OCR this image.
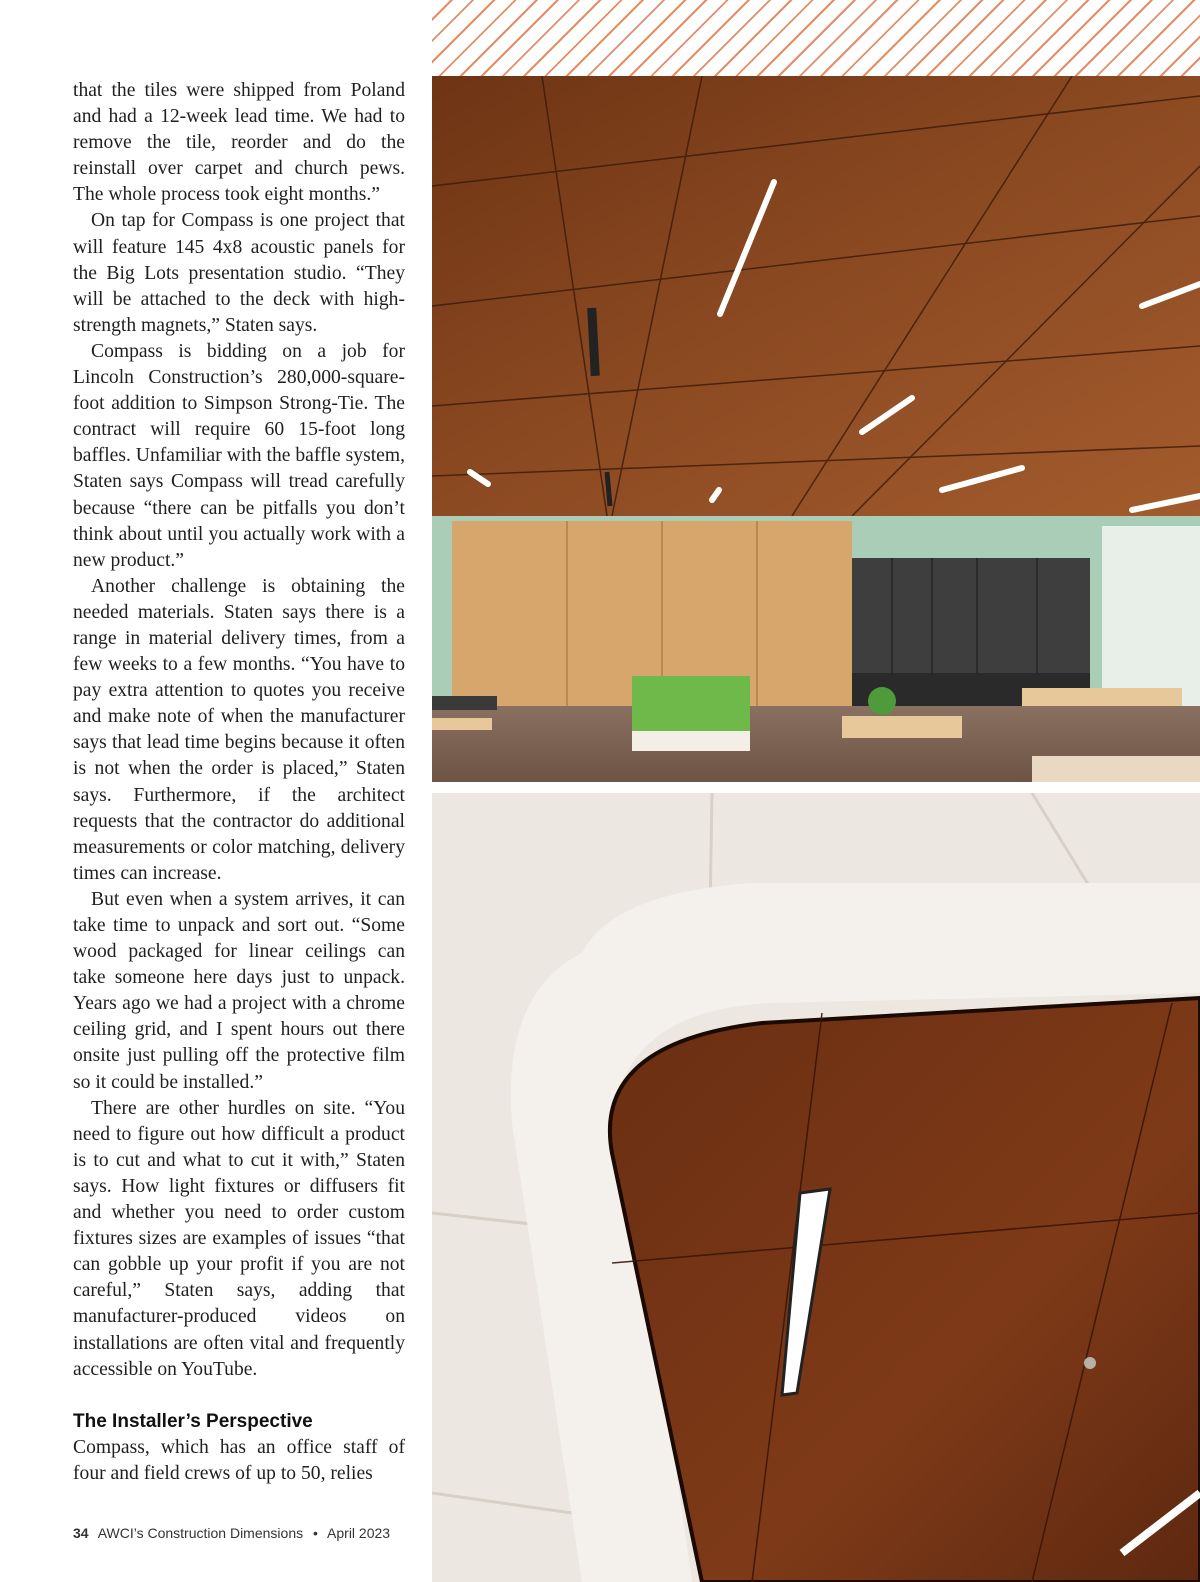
that the tiles were shipped from Poland and had a 12-week lead time. We had to remove the tile, reorder and do the reinstall over carpet and church pews. The whole process took eight months.”

On tap for Compass is one project that will feature 145 4x8 acoustic panels for the Big Lots presentation studio. “They will be attached to the deck with high-strength magnets,” Staten says.

Compass is bidding on a job for Lincoln Construction’s 280,000-square-foot addition to Simpson Strong-Tie. The contract will require 60 15-foot long baffles. Unfamiliar with the baffle system, Staten says Compass will tread carefully because “there can be pitfalls you don’t think about until you actually work with a new product.”

Another challenge is obtaining the needed materials. Staten says there is a range in material delivery times, from a few weeks to a few months. “You have to pay extra attention to quotes you receive and make note of when the manufacturer says that lead time begins because it often is not when the order is placed,” Staten says. Furthermore, if the architect requests that the contractor do additional measurements or color matching, delivery times can increase.

But even when a system arrives, it can take time to unpack and sort out. “Some wood packaged for linear ceilings can take someone here days just to unpack. Years ago we had a project with a chrome ceiling grid, and I spent hours out there onsite just pulling off the protective film so it could be installed.”

There are other hurdles on site. “You need to figure out how difficult a product is to cut and what to cut it with,” Staten says. How light fixtures or diffusers fit and whether you need to order custom fixtures sizes are examples of issues “that can gobble up your profit if you are not careful,” Staten says, adding that manufacturer-produced videos on installations are often vital and frequently accessible on YouTube.

The Installer’s Perspective

Compass, which has an office staff of four and field crews of up to 50, relies

34 AWCI’s Construction Dimensions • April 2023
